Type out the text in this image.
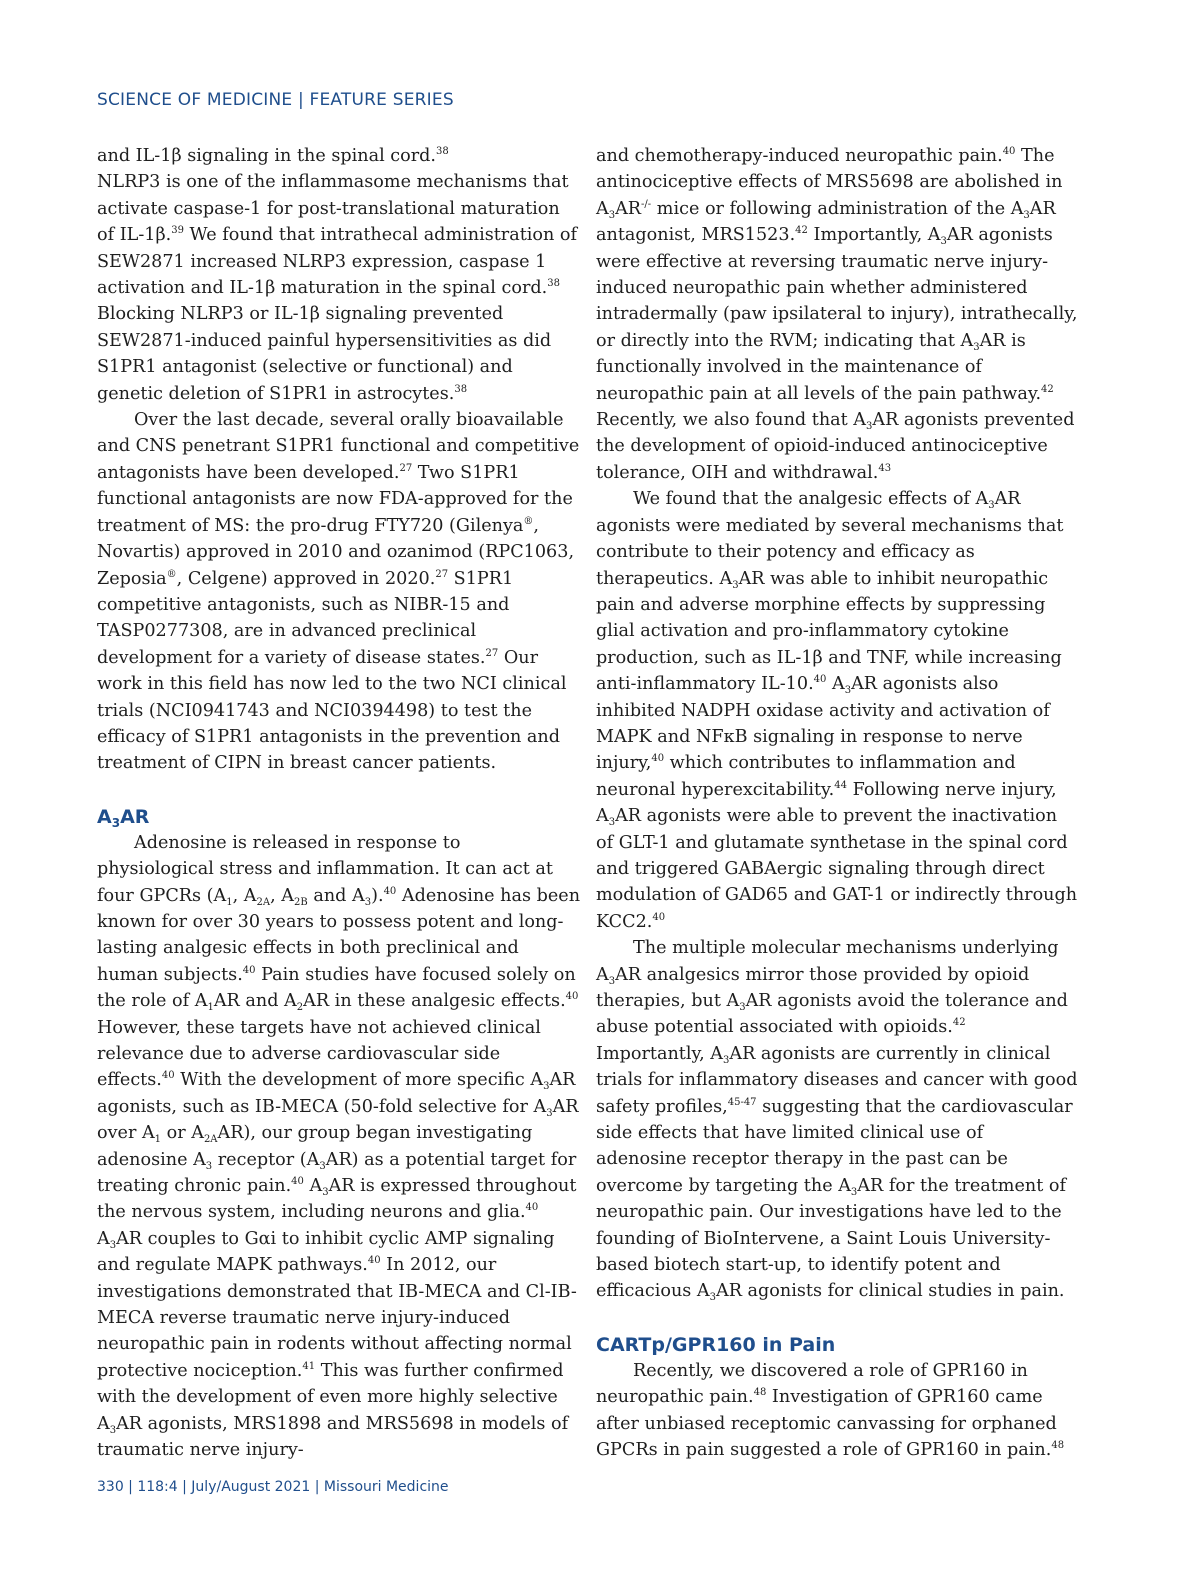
SCIENCE OF MEDICINE | FEATURE SERIES

and IL-1β signaling in the spinal cord.$^{38}$
NLRP3 is one of the inflammasome mechanisms that activate caspase-1 for post-translational maturation of IL-1β.$^{39}$ We found that intrathecal administration of SEW2871 increased NLRP3 expression, caspase 1 activation and IL-1β maturation in the spinal cord.$^{38}$ Blocking NLRP3 or IL-1β signaling prevented SEW2871-induced painful hypersensitivities as did S1PR1 antagonist (selective or functional) and genetic deletion of S1PR1 in astrocytes.$^{38}$

Over the last decade, several orally bioavailable and CNS penetrant S1PR1 functional and competitive antagonists have been developed.$^{27}$ Two S1PR1 functional antagonists are now FDA-approved for the treatment of MS: the pro-drug FTY720 (Gilenya®, Novartis) approved in 2010 and ozanimod (RPC1063, Zeposia®, Celgene) approved in 2020.27 S1PR1 competitive antagonists, such as NIBR-15 and TASP0277308, are in advanced preclinical development for a variety of disease states.$^{27}$ Our work in this field has now led to the two NCI clinical trials (NCI0941743 and NCI0394498) to test the efficacy of S1PR1 antagonists in the prevention and treatment of CIPN in breast cancer patients.

$A_3AR$

Adenosine is released in response to physiological stress and inflammation. It can act at four GPCRs ($A_1$, $A_{2A}$, $A_{2B}$ and $A_3).^{40}$ Adenosine has been known for over 30 years to possess potent and long-lasting analgesic effects in both preclinical and human subjects.$^{40}$ Pain studies have focused solely on the role of $A_1AR$ and $A_2AR$ in these analgesic effects.$^{40}$ However, these targets have not achieved clinical relevance due to adverse cardiovascular side effects.$^{40}$ With the development of more specific $A_3AR$ agonists, such as IB-MECA (50-fold selective for $A_3AR$ over $A_1$ or $A_{2A}AR$), our group began investigating adenosine $A_3$ receptor $(A_3AR)$ as a potential target for treating chronic pain.$^{40}$ $A_3AR$ is expressed throughout the nervous system, including neurons and glia.$^{40}$ $A_3AR$ couples to Gαi to inhibit cyclic AMP signaling and regulate MAPK pathways.$^{40}$ In 2012, our investigations demonstrated that IB-MECA and Cl-IB-MECA reverse traumatic nerve injury-induced neuropathic pain in rodents without affecting normal protective nociception.$^{41}$ This was further confirmed with the development of even more highly selective $A_3AR$ agonists, MRS1898 and MRS5698 in models of traumatic nerve injury-

and chemotherapy-induced neuropathic pain.$^{40}$ The antinociceptive effects of MRS5698 are abolished in $A_3AR^{-/-}$ mice or following administration of the $A_3AR$ antagonist, MRS1523.42 Importantly, $A_3AR$ agonists were effective at reversing traumatic nerve injury-induced neuropathic pain whether administered intradermally (paw ipsilateral to injury), intrathecally, or directly into the RVM; indicating that $A_3AR$ is functionally involved in the maintenance of neuropathic pain at all levels of the pain pathway.$^{42}$ Recently, we also found that $A_3AR$ agonists prevented the development of opioid-induced antinociceptive tolerance, OIH and withdrawal.$^{43}$

We found that the analgesic effects of $A_3AR$ agonists were mediated by several mechanisms that contribute to their potency and efficacy as therapeutics. $A_3AR$ was able to inhibit neuropathic pain and adverse morphine effects by suppressing glial activation and pro-inflammatory cytokine production, such as IL-1β and TNF, while increasing anti-inflammatory IL-10.40 $A_3AR$ agonists also inhibited NADPH oxidase activity and activation of MAPK and NFκB signaling in response to nerve injury,$^{40}$ which contributes to inflammation and neuronal hyperexcitability.$^{44}$ Following nerve injury, $A_3AR$ agonists were able to prevent the inactivation of GLT-1 and glutamate synthetase in the spinal cord and triggered GABAergic signaling through direct modulation of GAD65 and GAT-1 or indirectly through KCC2.40

The multiple molecular mechanisms underlying $A_3AR$ analgesics mirror those provided by opioid therapies, but $A_3AR$ agonists avoid the tolerance and abuse potential associated with opioids.$^{42}$ Importantly, $A_3AR$ agonists are currently in clinical trials for inflammatory diseases and cancer with good safety profiles,$^{45-47}$ suggesting that the cardiovascular side effects that have limited clinical use of adenosine receptor therapy in the past can be overcome by targeting the $A_3AR$ for the treatment of neuropathic pain. Our investigations have led to the founding of BioIntervene, a Saint Louis University-based biotech start-up, to identify potent and efficacious $A_3AR$ agonists for clinical studies in pain.

CARTp/GPR160 in Pain

Recently, we discovered a role of GPR160 in neuropathic pain.$^{48}$ Investigation of GPR160 came after unbiased receptomic canvassing for orphaned GPCRs in pain suggested a role of GPR160 in pain.$^{48}$

330 | 118:4 | July/August 2021 | Missouri Medicine
